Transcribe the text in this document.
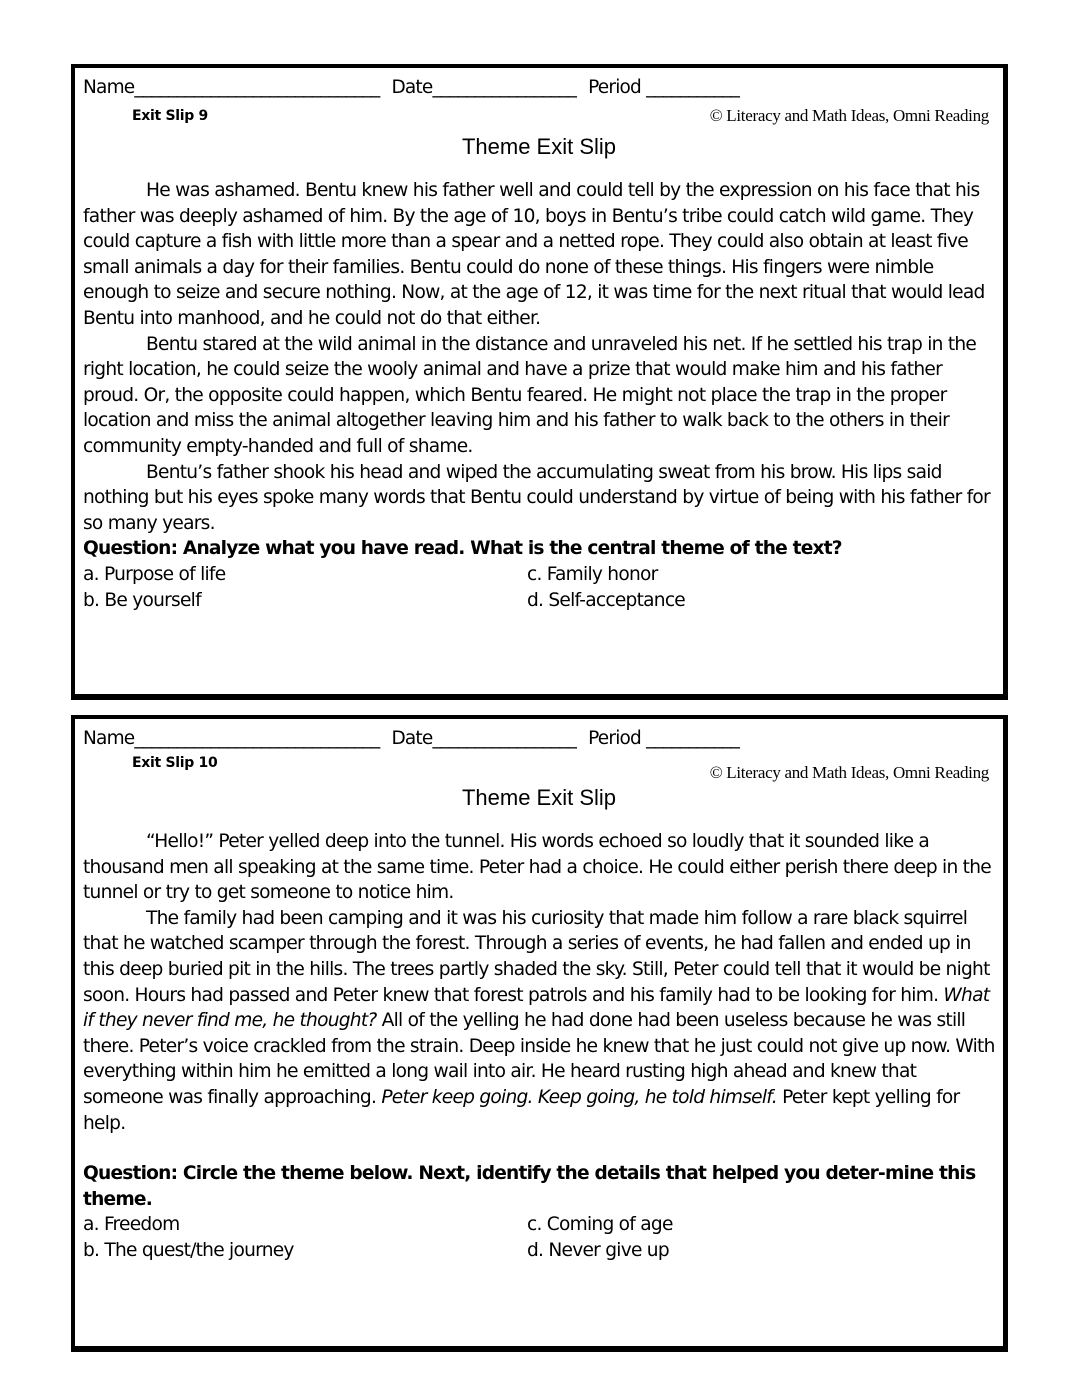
Name_____________________________ Date_________________ Period ___________
Exit Slip 9	© Literacy and Math Ideas, Omni Reading
Theme Exit Slip

He was ashamed. Bentu knew his father well and could tell by the expression on his face that his father was deeply ashamed of him. By the age of 10, boys in Bentu’s tribe could catch wild game. They could capture a fish with little more than a spear and a netted rope. They could also obtain at least five small animals a day for their families. Bentu could do none of these things. His fingers were nimble enough to seize and secure nothing. Now, at the age of 12, it was time for the next ritual that would lead Bentu into manhood, and he could not do that either.

Bentu stared at the wild animal in the distance and unraveled his net. If he settled his trap in the right location, he could seize the wooly animal and have a prize that would make him and his father proud. Or, the opposite could happen, which Bentu feared. He might not place the trap in the proper location and miss the animal altogether leaving him and his father to walk back to the others in their community empty-handed and full of shame.

Bentu’s father shook his head and wiped the accumulating sweat from his brow. His lips said nothing but his eyes spoke many words that Bentu could understand by virtue of being with his father for so many years.

Question: Analyze what you have read. What is the central theme of the text?

a. Purpose of life	c. Family honor
b. Be yourself	d. Self-acceptance
Name_____________________________ Date_________________ Period ___________
Exit Slip 10	© Literacy and Math Ideas, Omni Reading
Theme Exit Slip

“Hello!” Peter yelled deep into the tunnel. His words echoed so loudly that it sounded like a thousand men all speaking at the same time. Peter had a choice. He could either perish there deep in the tunnel or try to get someone to notice him.

The family had been camping and it was his curiosity that made him follow a rare black squirrel that he watched scamper through the forest. Through a series of events, he had fallen and ended up in this deep buried pit in the hills. The trees partly shaded the sky. Still, Peter could tell that it would be night soon. Hours had passed and Peter knew that forest patrols and his family had to be looking for him. What if they never find me, he thought? All of the yelling he had done had been useless because he was still there. Peter’s voice crackled from the strain. Deep inside he knew that he just could not give up now. With everything within him he emitted a long wail into air. He heard rusting high ahead and knew that someone was finally approaching. Peter keep going. Keep going, he told himself. Peter kept yelling for help.

Question: Circle the theme below. Next, identify the details that helped you deter-mine this theme.

a. Freedom	c. Coming of age
b. The quest/the journey	d. Never give up
